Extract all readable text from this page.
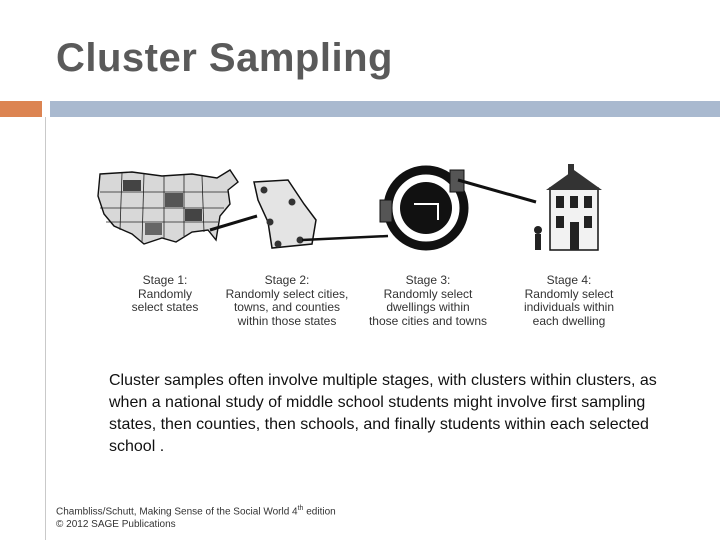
Cluster Sampling
Stage 1:
Randomly
select states
Stage 2:
Randomly select cities,
towns, and counties
within those states
Stage 3:
Randomly select
dwellings within
those cities and towns
Stage 4:
Randomly select
individuals within
each dwelling
Cluster samples often involve multiple stages, with clusters within clusters, as when a national study of middle school students might involve first sampling states, then counties, then schools, and finally students within each selected school .
Chambliss/Schutt, Making Sense of the Social World 4th edition
© 2012 SAGE Publications
